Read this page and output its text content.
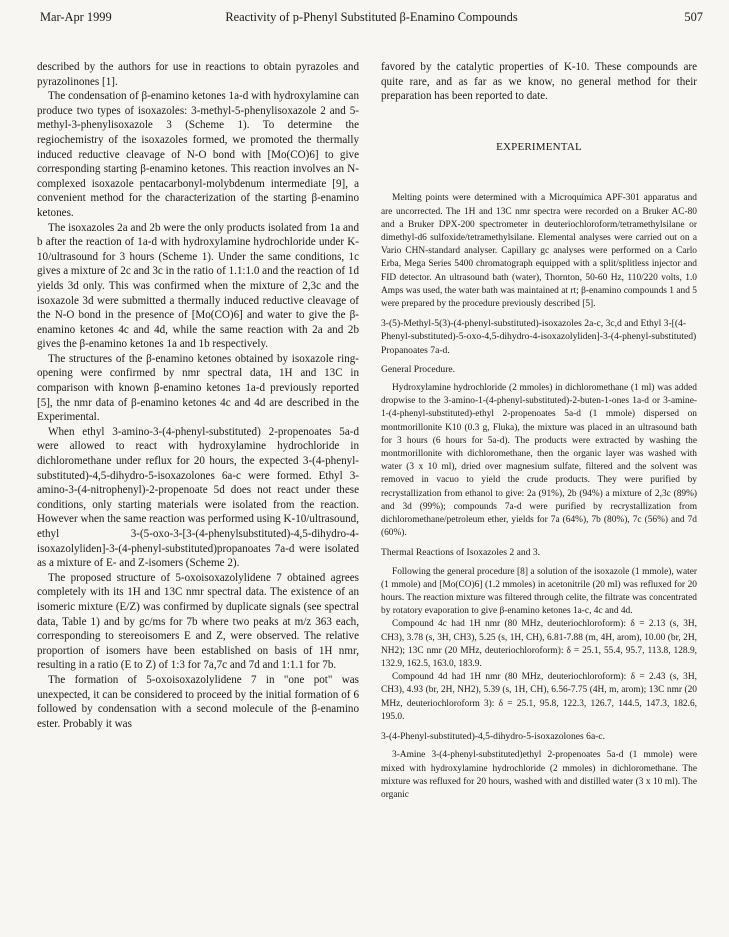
Mar-Apr 1999	Reactivity of p-Phenyl Substituted β-Enamino Compounds	507

described by the authors for use in reactions to obtain pyrazoles and pyrazolinones [1].

The condensation of β-enamino ketones 1a-d with hydroxylamine can produce two types of isoxazoles: 3-methyl-5-phenylisoxazole 2 and 5-methyl-3-phenylisoxazole 3 (Scheme 1). To determine the regiochemistry of the isoxazoles formed, we promoted the thermally induced reductive cleavage of N-O bond with [Mo(CO)6] to give corresponding starting β-enamino ketones. This reaction involves an N-complexed isoxazole pentacarbonyl-molybdenum intermediate [9], a convenient method for the characterization of the starting β-enamino ketones.

The isoxazoles 2a and 2b were the only products isolated from 1a and b after the reaction of 1a-d with hydroxylamine hydrochloride under K-10/ultrasound for 3 hours (Scheme 1). Under the same conditions, 1c gives a mixture of 2c and 3c in the ratio of 1.1:1.0 and the reaction of 1d yields 3d only. This was confirmed when the mixture of 2,3c and the isoxazole 3d were submitted a thermally induced reductive cleavage of the N-O bond in the presence of [Mo(CO)6] and water to give the β-enamino ketones 4c and 4d, while the same reaction with 2a and 2b gives the β-enamino ketones 1a and 1b respectively.

The structures of the β-enamino ketones obtained by isoxazole ring-opening were confirmed by nmr spectral data, 1H and 13C in comparison with known β-enamino ketones 1a-d previously reported [5], the nmr data of β-enamino ketones 4c and 4d are described in the Experimental.

When ethyl 3-amino-3-(4-phenyl-substituted) 2-propenoates 5a-d were allowed to react with hydroxylamine hydrochloride in dichloromethane under reflux for 20 hours, the expected 3-(4-phenyl-substituted)-4,5-dihydro-5-isoxazolones 6a-c were formed. Ethyl 3-amino-3-(4-nitrophenyl)-2-propenoate 5d does not react under these conditions, only starting materials were isolated from the reaction. However when the same reaction was performed using K-10/ultrasound, ethyl 3-(5-oxo-3-[3-(4-phenylsubstituted)-4,5-dihydro-4-isoxazolyliden]-3-(4-phenyl-substituted)propanoates 7a-d were isolated as a mixture of E- and Z-isomers (Scheme 2).

The proposed structure of 5-oxoisoxazolylidene 7 obtained agrees completely with its 1H and 13C nmr spectral data. The existence of an isomeric mixture (E/Z) was confirmed by duplicate signals (see spectral data, Table 1) and by gc/ms for 7b where two peaks at m/z 363 each, corresponding to stereoisomers E and Z, were observed. The relative proportion of isomers have been established on basis of 1H nmr, resulting in a ratio (E to Z) of 1:3 for 7a,7c and 7d and 1:1.1 for 7b.

The formation of 5-oxoisoxazolylidene 7 in "one pot" was unexpected, it can be considered to proceed by the initial formation of 6 followed by condensation with a second molecule of the β-enamino ester. Probably it was

favored by the catalytic properties of K-10. These compounds are quite rare, and as far as we know, no general method for their preparation has been reported to date.

EXPERIMENTAL

Melting points were determined with a Microquímica APF-301 apparatus and are uncorrected. The 1H and 13C nmr spectra were recorded on a Bruker AC-80 and a Bruker DPX-200 spectrometer in deuteriochloroform/tetramethylsilane or dimethyl-d6 sulfoxide/tetramethylsilane. Elemental analyses were carried out on a Vario CHN-standard analyser. Capillary gc analyses were performed on a Carlo Erba, Mega Series 5400 chromatograph equipped with a split/splitless injector and FID detector. An ultrasound bath (water), Thornton, 50-60 Hz, 110/220 volts, 1.0 Amps was used, the water bath was maintained at rt; β-enamino compounds 1 and 5 were prepared by the procedure previously described [5].

3-(5)-Methyl-5(3)-(4-phenyl-substituted)-isoxazoles 2a-c, 3c,d and Ethyl 3-[(4-Phenyl-substituted)-5-oxo-4,5-dihydro-4-isoxazolyliden]-3-(4-phenyl-substituted) Propanoates 7a-d.

General Procedure.

Hydroxylamine hydrochloride (2 mmoles) in dichloromethane (1 ml) was added dropwise to the 3-amino-1-(4-phenyl-substituted)-2-buten-1-ones 1a-d or 3-amine-1-(4-phenyl-substituted)-ethyl 2-propenoates 5a-d (1 mmole) dispersed on montmorillonite K10 (0.3 g, Fluka), the mixture was placed in an ultrasound bath for 3 hours (6 hours for 5a-d). The products were extracted by washing the montmorillonite with dichloromethane, then the organic layer was washed with water (3 x 10 ml), dried over magnesium sulfate, filtered and the solvent was removed in vacuo to yield the crude products. They were purified by recrystallization from ethanol to give: 2a (91%), 2b (94%) a mixture of 2,3c (89%) and 3d (99%); compounds 7a-d were purified by recrystallization from dichloromethane/petroleum ether, yields for 7a (64%), 7b (80%), 7c (56%) and 7d (60%).

Thermal Reactions of Isoxazoles 2 and 3.

Following the general procedure [8] a solution of the isoxazole (1 mmole), water (1 mmole) and [Mo(CO)6] (1.2 mmoles) in acetonitrile (20 ml) was refluxed for 20 hours. The reaction mixture was filtered through celite, the filtrate was concentrated by rotatory evaporation to give β-enamino ketones 1a-c, 4c and 4d.

Compound 4c had 1H nmr (80 MHz, deuteriochloroform): δ = 2.13 (s, 3H, CH3), 3.78 (s, 3H, CH3), 5.25 (s, 1H, CH), 6.81-7.88 (m, 4H, arom), 10.00 (br, 2H, NH2); 13C nmr (20 MHz, deuteriochloroform): δ = 25.1, 55.4, 95.7, 113.8, 128.9, 132.9, 162.5, 163.0, 183.9.

Compound 4d had 1H nmr (80 MHz, deuteriochloroform): δ = 2.43 (s, 3H, CH3), 4.93 (br, 2H, NH2), 5.39 (s, 1H, CH), 6.56-7.75 (4H, m, arom); 13C nmr (20 MHz, deuteriochloroform 3): δ = 25.1, 95.8, 122.3, 126.7, 144.5, 147.3, 182.6, 195.0.

3-(4-Phenyl-substituted)-4,5-dihydro-5-isoxazolones 6a-c.

3-Amine 3-(4-phenyl-substituted)ethyl 2-propenoates 5a-d (1 mmole) were mixed with hydroxylamine hydrochloride (2 mmoles) in dichloromethane. The mixture was refluxed for 20 hours, washed with and distilled water (3 x 10 ml). The organic
